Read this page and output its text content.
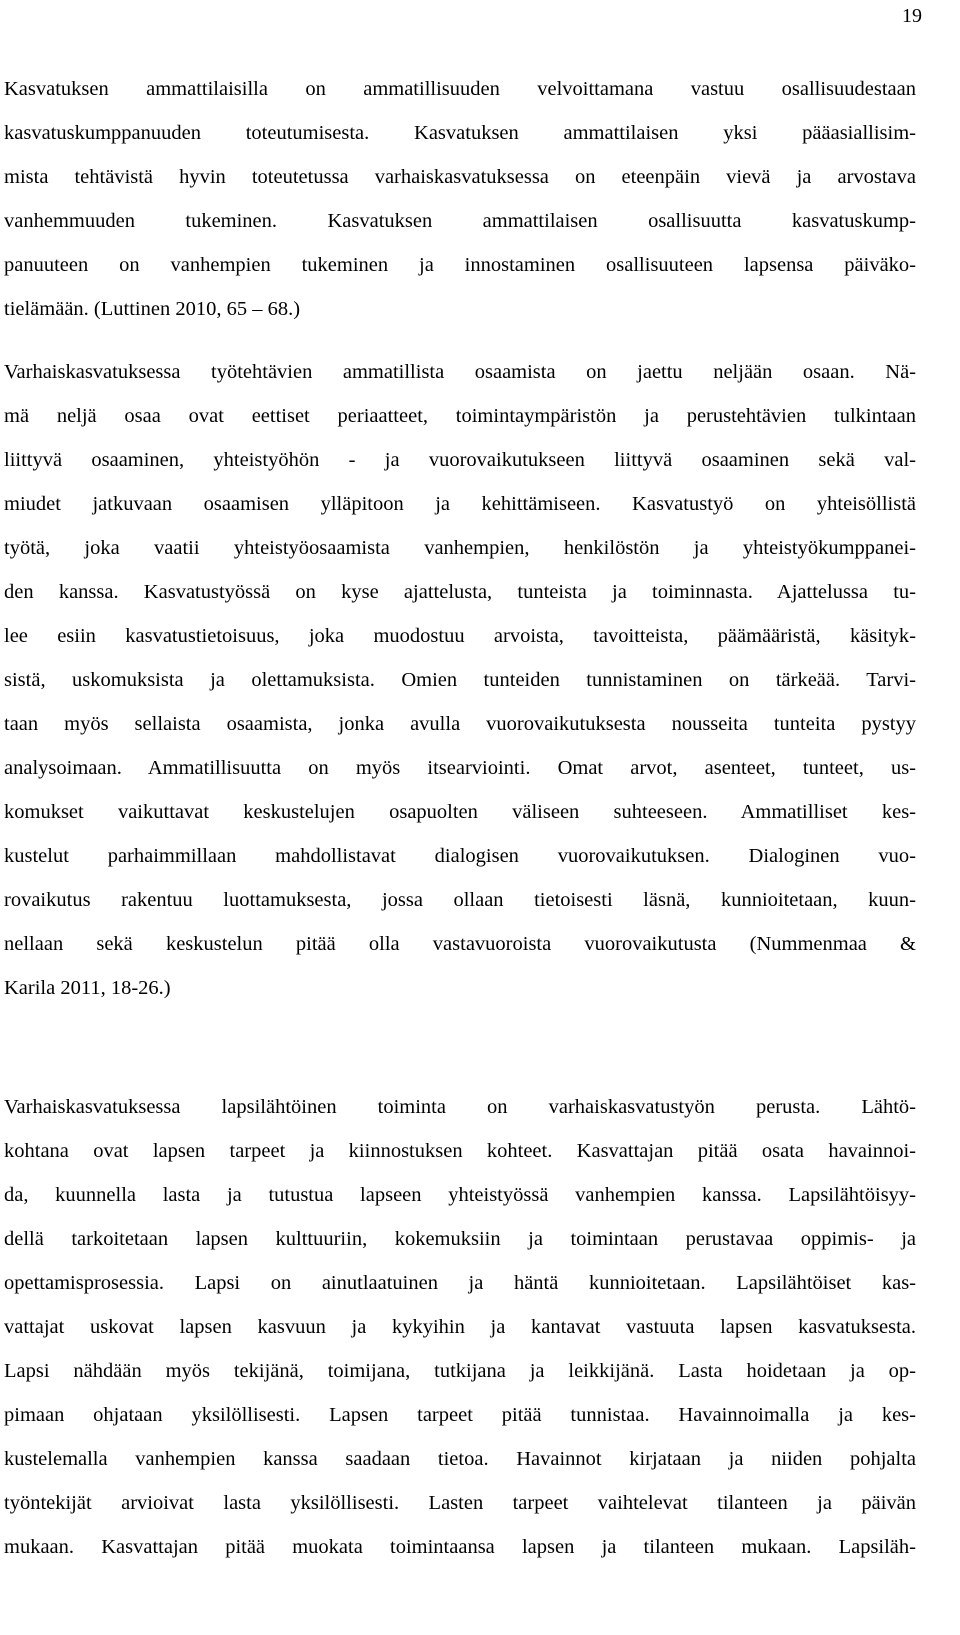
19
Kasvatuksen ammattilaisilla on ammatillisuuden velvoittamana vastuu osallisuudestaan
kasvatuskumppanuuden toteutumisesta. Kasvatuksen ammattilaisen yksi pääasiallisim-
mista tehtävistä hyvin toteutetussa varhaiskasvatuksessa on eteenpäin vievä ja arvostava
vanhemmuuden tukeminen. Kasvatuksen ammattilaisen osallisuutta kasvatuskump-
panuuteen on vanhempien tukeminen ja innostaminen osallisuuteen lapsensa päiväko-
tielämään. (Luttinen 2010, 65 – 68.)
Varhaiskasvatuksessa työtehtävien ammatillista osaamista on jaettu neljään osaan. Nä-
mä neljä osaa ovat eettiset periaatteet, toimintaympäristön ja perustehtävien tulkintaan
liittyvä osaaminen, yhteistyöhön - ja vuorovaikutukseen liittyvä osaaminen sekä val-
miudet jatkuvaan osaamisen ylläpitoon ja kehittämiseen. Kasvatustyö on yhteisöllistä
työtä, joka vaatii yhteistyöosaamista vanhempien, henkilöstön ja yhteistyökumppanei-
den kanssa. Kasvatustyössä on kyse ajattelusta, tunteista ja toiminnasta. Ajattelussa tu-
lee esiin kasvatustietoisuus, joka muodostuu arvoista, tavoitteista, päämääristä, käsityk-
sistä, uskomuksista ja olettamuksista. Omien tunteiden tunnistaminen on tärkeää. Tarvi-
taan myös sellaista osaamista, jonka avulla vuorovaikutuksesta nousseita tunteita pystyy
analysoimaan. Ammatillisuutta on myös itsearviointi. Omat arvot, asenteet, tunteet, us-
komukset vaikuttavat keskustelujen osapuolten väliseen suhteeseen. Ammatilliset kes-
kustelut parhaimmillaan mahdollistavat dialogisen vuorovaikutuksen. Dialoginen vuo-
rovaikutus rakentuu luottamuksesta, jossa ollaan tietoisesti läsnä, kunnioitetaan, kuun-
nellaan sekä keskustelun pitää olla vastavuoroista vuorovaikutusta (Nummenmaa &
Karila 2011, 18-26.)
Varhaiskasvatuksessa lapsilähtöinen toiminta on varhaiskasvatustyön perusta. Lähtö-
kohtana ovat lapsen tarpeet ja kiinnostuksen kohteet. Kasvattajan pitää osata havainnoi-
da, kuunnella lasta ja tutustua lapseen yhteistyössä vanhempien kanssa. Lapsilähtöisyy-
dellä tarkoitetaan lapsen kulttuuriin, kokemuksiin ja toimintaan perustavaa oppimis- ja
opettamisprosessia. Lapsi on ainutlaatuinen ja häntä kunnioitetaan. Lapsilähtöiset kas-
vattajat uskovat lapsen kasvuun ja kykyihin ja kantavat vastuuta lapsen kasvatuksesta.
Lapsi nähdään myös tekijänä, toimijana, tutkijana ja leikkijänä. Lasta hoidetaan ja op-
pimaan ohjataan yksilöllisesti. Lapsen tarpeet pitää tunnistaa. Havainnoimalla ja kes-
kustelemalla vanhempien kanssa saadaan tietoa. Havainnot kirjataan ja niiden pohjalta
työntekijät arvioivat lasta yksilöllisesti. Lasten tarpeet vaihtelevat tilanteen ja päivän
mukaan. Kasvattajan pitää muokata toimintaansa lapsen ja tilanteen mukaan. Lapsiläh-
